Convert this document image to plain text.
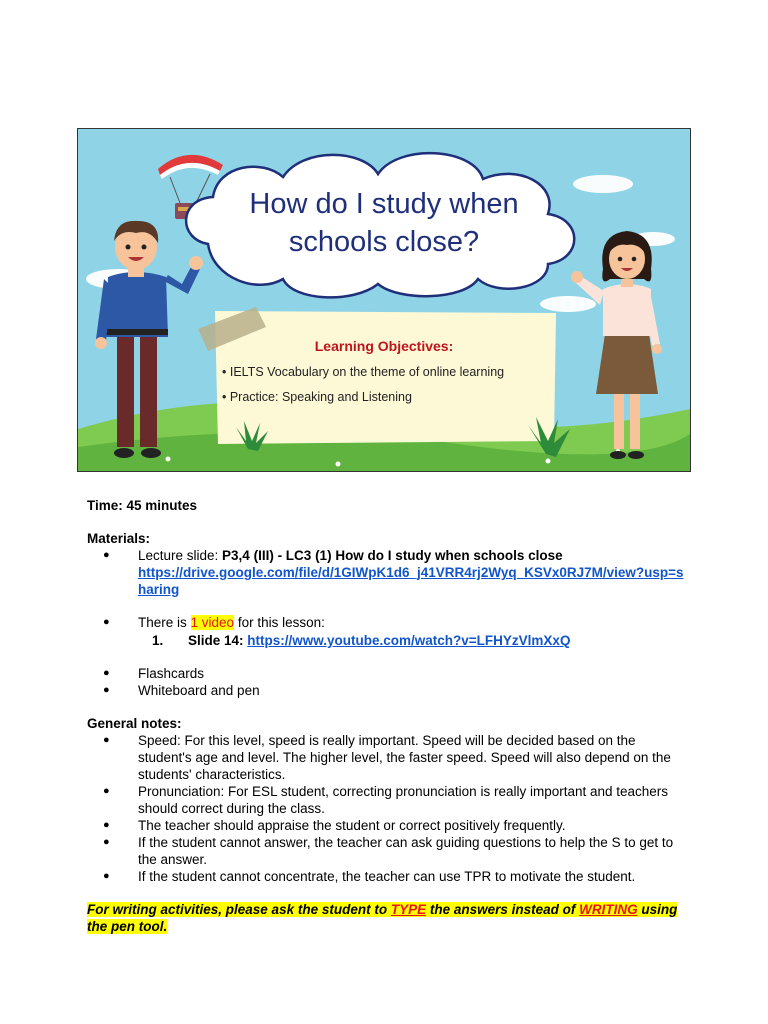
How do I study when
schools close?
Learning Objectives:
• IELTS Vocabulary on the theme of online learning
• Practice: Speaking and Listening

Time: 45 minutes

Materials:

● Lecture slide: P3,4 (III) - LC3 (1) How do I study when schools close
https://drive.google.com/file/d/1GIWpK1d6_j41VRR4rj2Wyq_KSVx0RJ7M/view?usp=sharing
● There is 1 video for this lesson:
1. Slide 14: https://www.youtube.com/watch?v=LFHYzVlmXxQ
● Flashcards
● Whiteboard and pen

General notes:

● Speed: For this level, speed is really important. Speed will be decided based on the student's age and level. The higher level, the faster speed. Speed will also depend on the students' characteristics.
● Pronunciation: For ESL student, correcting pronunciation is really important and teachers should correct during the class.
● The teacher should appraise the student or correct positively frequently.
● If the student cannot answer, the teacher can ask guiding questions to help the S to get to the answer.
● If the student cannot concentrate, the teacher can use TPR to motivate the student.

For writing activities, please ask the student to TYPE the answers instead of WRITING using the pen tool.
